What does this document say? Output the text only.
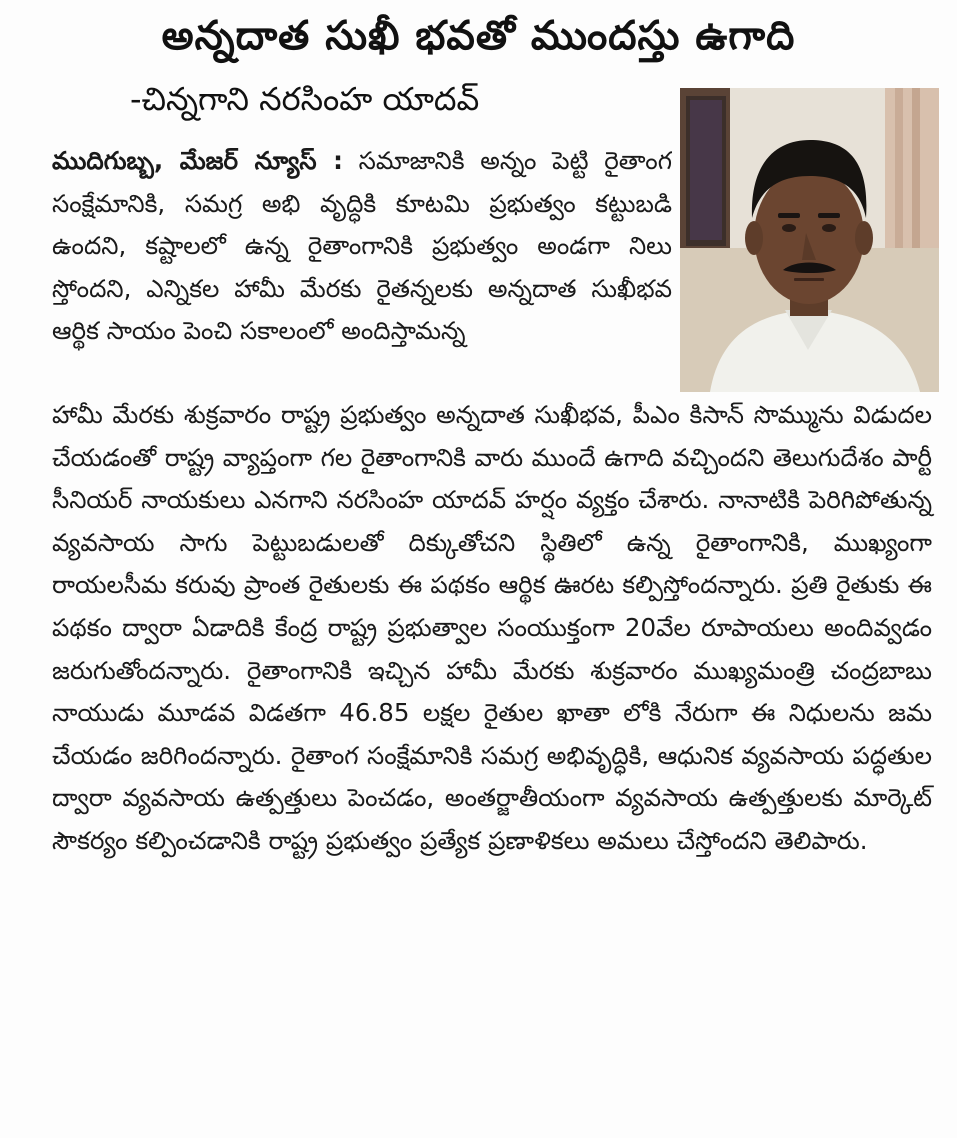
అన్నదాత సుఖీ భవతో ముందస్తు ఉగాది
-చిన్నగాని నరసింహ యాదవ్

ముదిగుబ్బ, మేజర్ న్యూస్ : సమాజానికి అన్నం పెట్టి రైతాంగ సంక్షేమానికి, సమగ్ర అభి వృద్ధికి కూటమి ప్రభుత్వం కట్టుబడి ఉందని, కష్టాలలో ఉన్న రైతాంగానికి ప్రభుత్వం అండగా నిలు స్తోందని, ఎన్నికల హామీ మేరకు రైతన్నలకు అన్నదాత సుఖీభవ ఆర్థిక సాయం పెంచి సకాలంలో అందిస్తామన్న

హామీ మేరకు శుక్రవారం రాష్ట్ర ప్రభుత్వం అన్నదాత సుఖీభవ, పీఎం కిసాన్ సొమ్మును విడుదల చేయడంతో రాష్ట్ర వ్యాప్తంగా గల రైతాంగానికి వారు ముందే ఉగాది వచ్చిందని తెలుగుదేశం పార్టీ సీనియర్ నాయకులు ఎనగాని నరసింహ యాదవ్ హర్షం వ్యక్తం చేశారు. నానాటికి పెరిగిపోతున్న వ్యవసాయ సాగు పెట్టుబడులతో దిక్కుతోచని స్థితిలో ఉన్న రైతాంగానికి, ముఖ్యంగా రాయలసీమ కరువు ప్రాంత రైతులకు ఈ పథకం ఆర్థిక ఊరట కల్పిస్తోందన్నారు. ప్రతి రైతుకు ఈ పథకం ద్వారా ఏడాదికి కేంద్ర రాష్ట్ర ప్రభుత్వాల సంయుక్తంగా 20వేల రూపాయలు అందివ్వడం జరుగుతోందన్నారు. రైతాంగానికి ఇచ్చిన హామీ మేరకు శుక్రవారం ముఖ్యమంత్రి చంద్రబాబు నాయుడు మూడవ విడతగా 46.85 లక్షల రైతుల ఖాతా లోకి నేరుగా ఈ నిధులను జమ చేయడం జరిగిందన్నారు. రైతాంగ సంక్షేమానికి సమగ్ర అభివృద్ధికి, ఆధునిక వ్యవసాయ పద్ధతుల ద్వారా వ్యవసాయ ఉత్పత్తులు పెంచడం, అంతర్జాతీయంగా వ్యవసాయ ఉత్పత్తులకు మార్కెట్ సౌకర్యం కల్పించడానికి రాష్ట్ర ప్రభుత్వం ప్రత్యేక ప్రణాళికలు అమలు చేస్తోందని తెలిపారు.
